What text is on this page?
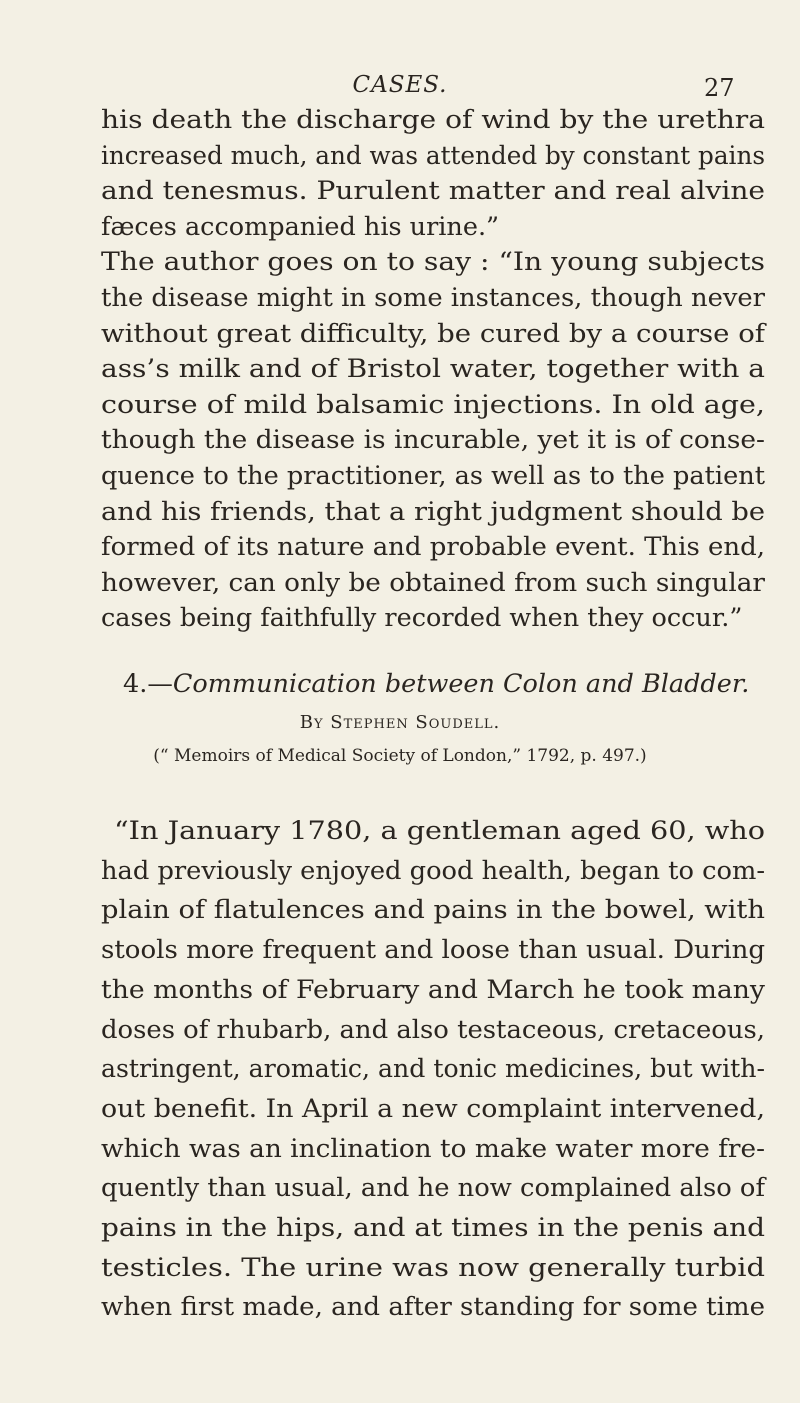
CASES.	27
his death the discharge of wind by the urethra
increased much, and was attended by constant pains
and tenesmus. Purulent matter and real alvine
fæces accompanied his urine.”
The author goes on to say : “In young subjects
the disease might in some instances, though never
without great difficulty, be cured by a course of
ass’s milk and of Bristol water, together with a
course of mild balsamic injections. In old age,
though the disease is incurable, yet it is of conse-
quence to the practitioner, as well as to the patient
and his friends, that a right judgment should be
formed of its nature and probable event. This end,
however, can only be obtained from such singular
cases being faithfully recorded when they occur.”
4.—Communication between Colon and Bladder.
By Stephen Soudell.
(“ Memoirs of Medical Society of London,” 1792, p. 497.)
“In January 1780, a gentleman aged 60, who
had previously enjoyed good health, began to com-
plain of flatulences and pains in the bowel, with
stools more frequent and loose than usual. During
the months of February and March he took many
doses of rhubarb, and also testaceous, cretaceous,
astringent, aromatic, and tonic medicines, but with-
out benefit. In April a new complaint intervened,
which was an inclination to make water more fre-
quently than usual, and he now complained also of
pains in the hips, and at times in the penis and
testicles. The urine was now generally turbid
when first made, and after standing for some time
